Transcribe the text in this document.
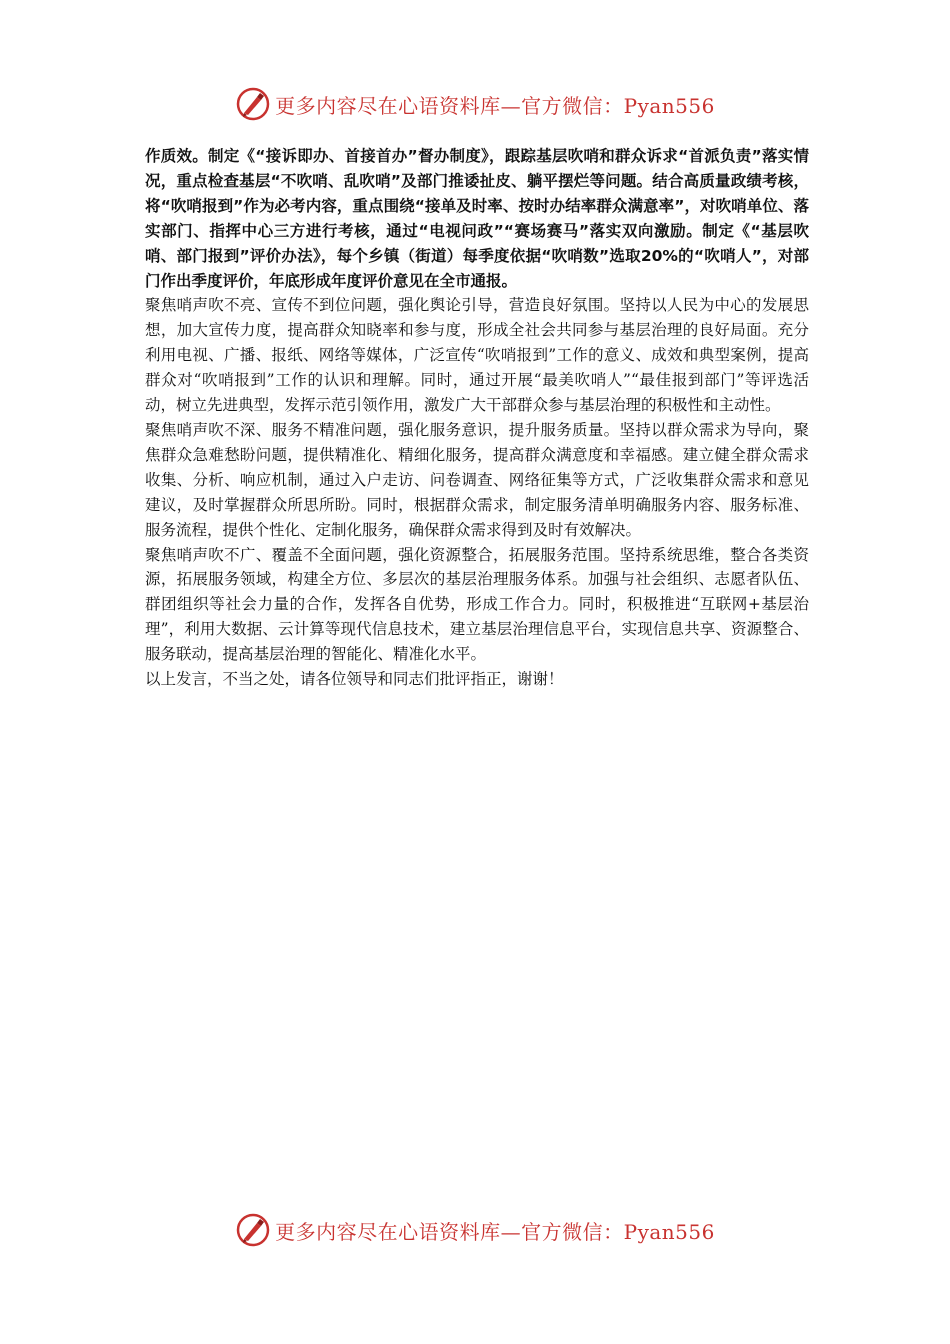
更多内容尽在心语资料库—官方微信：Pyan556

作质效。制定《“接诉即办、首接首办”督办制度》，跟踪基层吹哨和群众诉求“首派负责”落实情况，重点检查基层“不吹哨、乱吹哨”及部门推诿扯皮、躺平摆烂等问题。结合高质量政绩考核，将“吹哨报到”作为必考内容，重点围绕“接单及时率、按时办结率群众满意率”，对吹哨单位、落实部门、指挥中心三方进行考核，通过“电视问政”“赛场赛马”落实双向激励。制定《“基层吹哨、部门报到”评价办法》，每个乡镇（街道）每季度依据“吹哨数”选取20%的“吹哨人”，对部门作出季度评价，年底形成年度评价意见在全市通报。

聚焦哨声吹不亮、宣传不到位问题，强化舆论引导，营造良好氛围。坚持以人民为中心的发展思想，加大宣传力度，提高群众知晓率和参与度，形成全社会共同参与基层治理的良好局面。充分利用电视、广播、报纸、网络等媒体，广泛宣传“吹哨报到”工作的意义、成效和典型案例，提高群众对“吹哨报到”工作的认识和理解。同时，通过开展“最美吹哨人”“最佳报到部门”等评选活动，树立先进典型，发挥示范引领作用，激发广大干部群众参与基层治理的积极性和主动性。

聚焦哨声吹不深、服务不精准问题，强化服务意识，提升服务质量。坚持以群众需求为导向，聚焦群众急难愁盼问题，提供精准化、精细化服务，提高群众满意度和幸福感。建立健全群众需求收集、分析、响应机制，通过入户走访、问卷调查、网络征集等方式，广泛收集群众需求和意见建议，及时掌握群众所思所盼。同时，根据群众需求，制定服务清单明确服务内容、服务标准、服务流程，提供个性化、定制化服务，确保群众需求得到及时有效解决。

聚焦哨声吹不广、覆盖不全面问题，强化资源整合，拓展服务范围。坚持系统思维，整合各类资源，拓展服务领域，构建全方位、多层次的基层治理服务体系。加强与社会组织、志愿者队伍、群团组织等社会力量的合作，发挥各自优势，形成工作合力。同时，积极推进“互联网+基层治理”，利用大数据、云计算等现代信息技术，建立基层治理信息平台，实现信息共享、资源整合、服务联动，提高基层治理的智能化、精准化水平。

以上发言，不当之处，请各位领导和同志们批评指正，谢谢！

更多内容尽在心语资料库—官方微信：Pyan556
